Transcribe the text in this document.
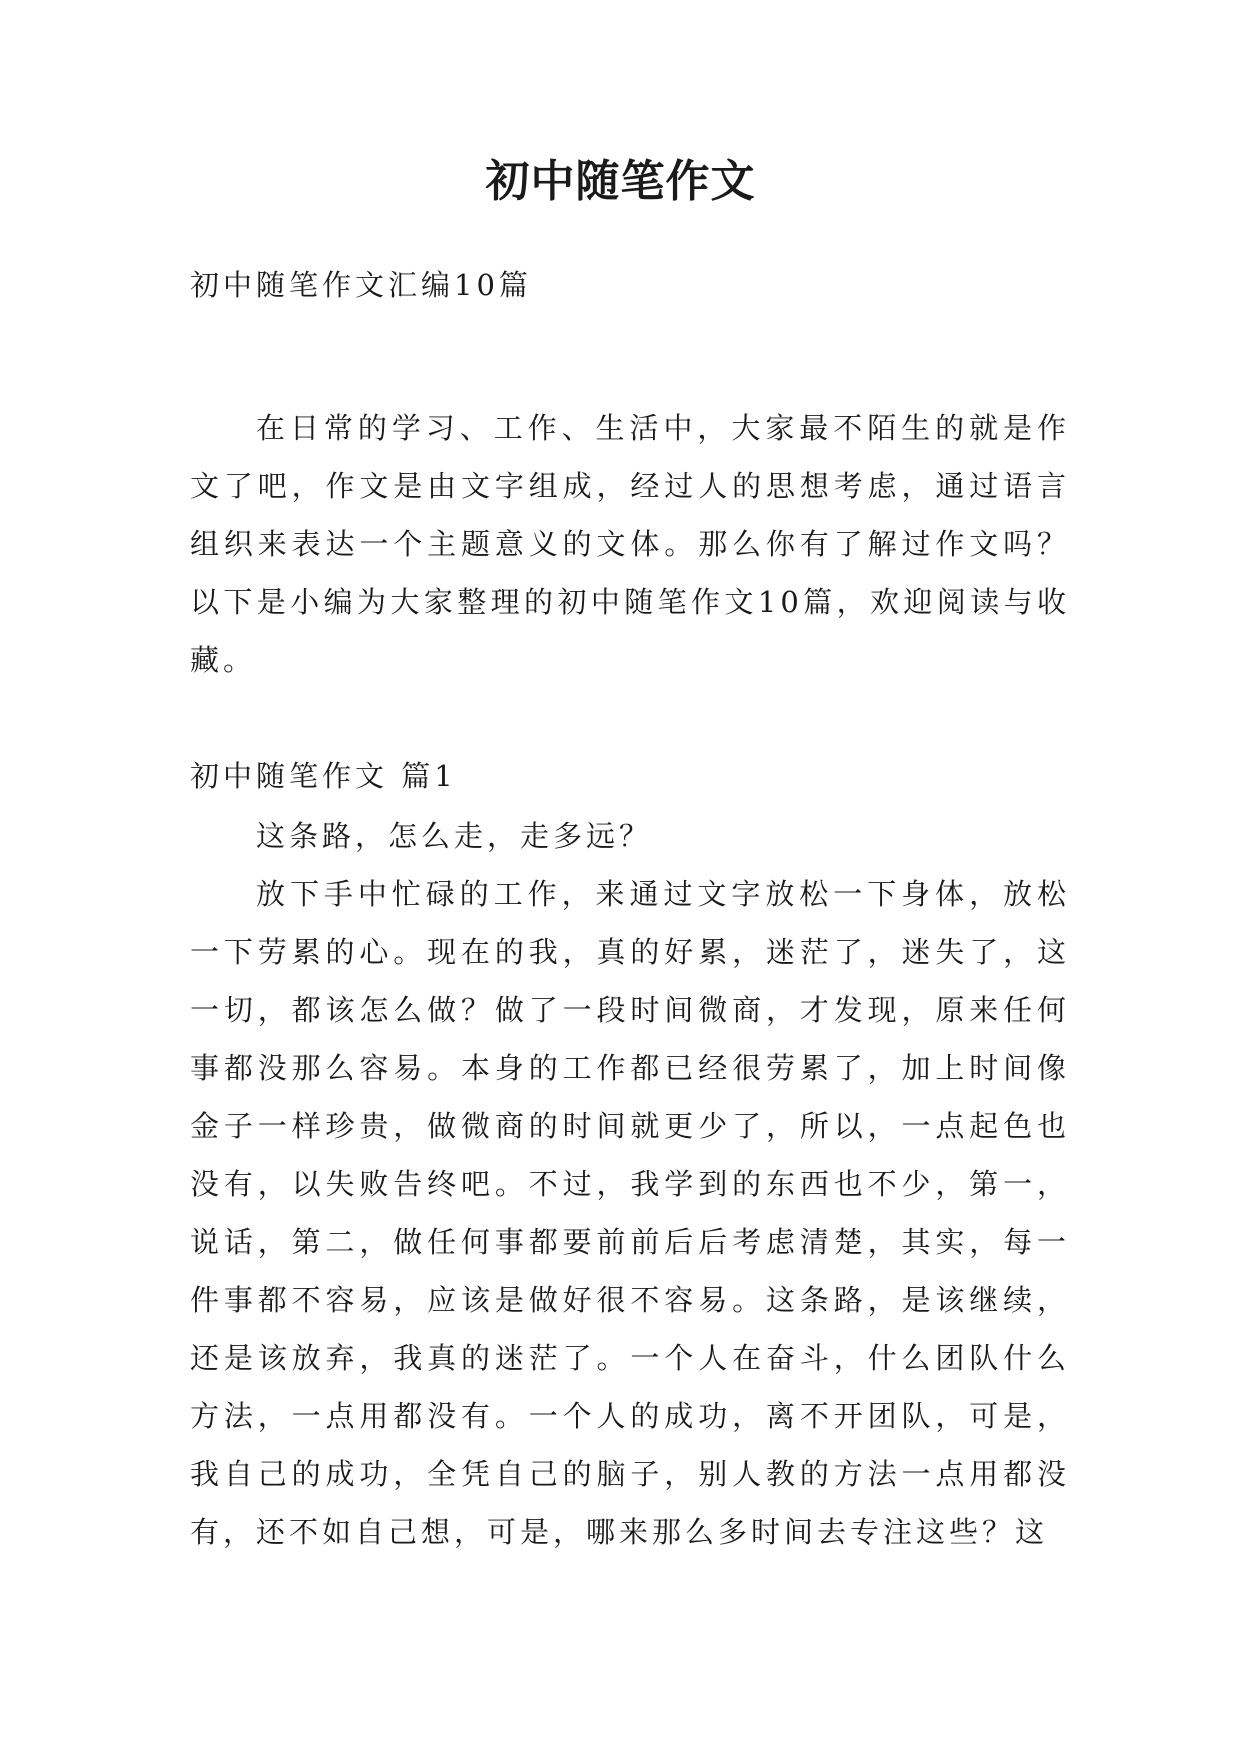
初中随笔作文
初中随笔作文汇编10篇

在日常的学习、工作、生活中，大家最不陌生的就是作文了吧，作文是由文字组成，经过人的思想考虑，通过语言组织来表达一个主题意义的文体。那么你有了解过作文吗？以下是小编为大家整理的初中随笔作文10篇，欢迎阅读与收藏。

初中随笔作文 篇1

这条路，怎么走，走多远？

放下手中忙碌的工作，来通过文字放松一下身体，放松一下劳累的心。现在的我，真的好累，迷茫了，迷失了，这一切，都该怎么做？做了一段时间微商，才发现，原来任何事都没那么容易。本身的工作都已经很劳累了，加上时间像金子一样珍贵，做微商的时间就更少了，所以，一点起色也没有，以失败告终吧。不过，我学到的东西也不少，第一，说话，第二，做任何事都要前前后后考虑清楚，其实，每一件事都不容易，应该是做好很不容易。这条路，是该继续，还是该放弃，我真的迷茫了。一个人在奋斗，什么团队什么方法，一点用都没有。一个人的成功，离不开团队，可是，我自己的成功，全凭自己的脑子，别人教的方法一点用都没有，还不如自己想，可是，哪来那么多时间去专注这些？这
